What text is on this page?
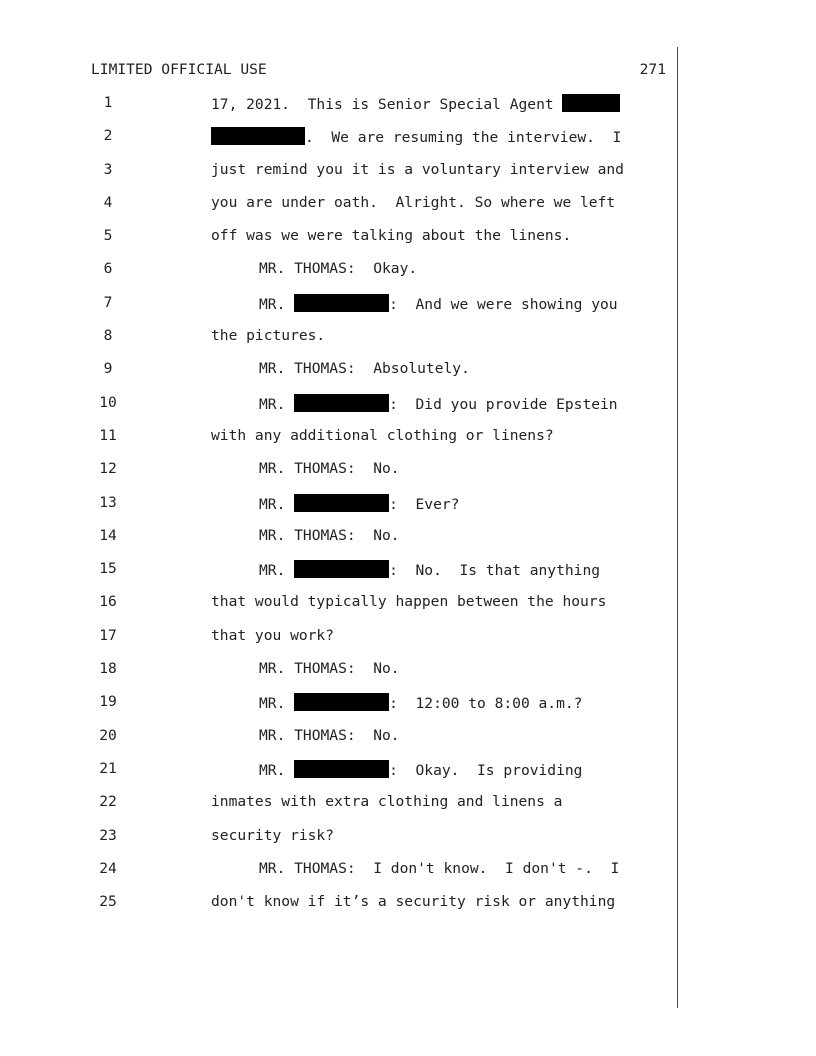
LIMITED OFFICIAL USE	271
1	17, 2021.  This is Senior Special Agent
2	.  We are resuming the interview.  I
3	just remind you it is a voluntary interview and
4	you are under oath.  Alright. So where we left
5	off was we were talking about the linens.
6	MR. THOMAS:  Okay.
7	MR.	:  And we were showing you
8	the pictures.
9	MR. THOMAS:  Absolutely.
10	MR.	:  Did you provide Epstein
11	with any additional clothing or linens?
12	MR. THOMAS:  No.
13	MR.	:  Ever?
14	MR. THOMAS:  No.
15	MR.	:  No.  Is that anything
16	that would typically happen between the hours
17	that you work?
18	MR. THOMAS:  No.
19	MR.	:  12:00 to 8:00 a.m.?
20	MR. THOMAS:  No.
21	MR.	:  Okay.  Is providing
22	inmates with extra clothing and linens a
23	security risk?
24	MR. THOMAS:  I don't know.  I don't -.  I
25	don't know if it’s a security risk or anything
